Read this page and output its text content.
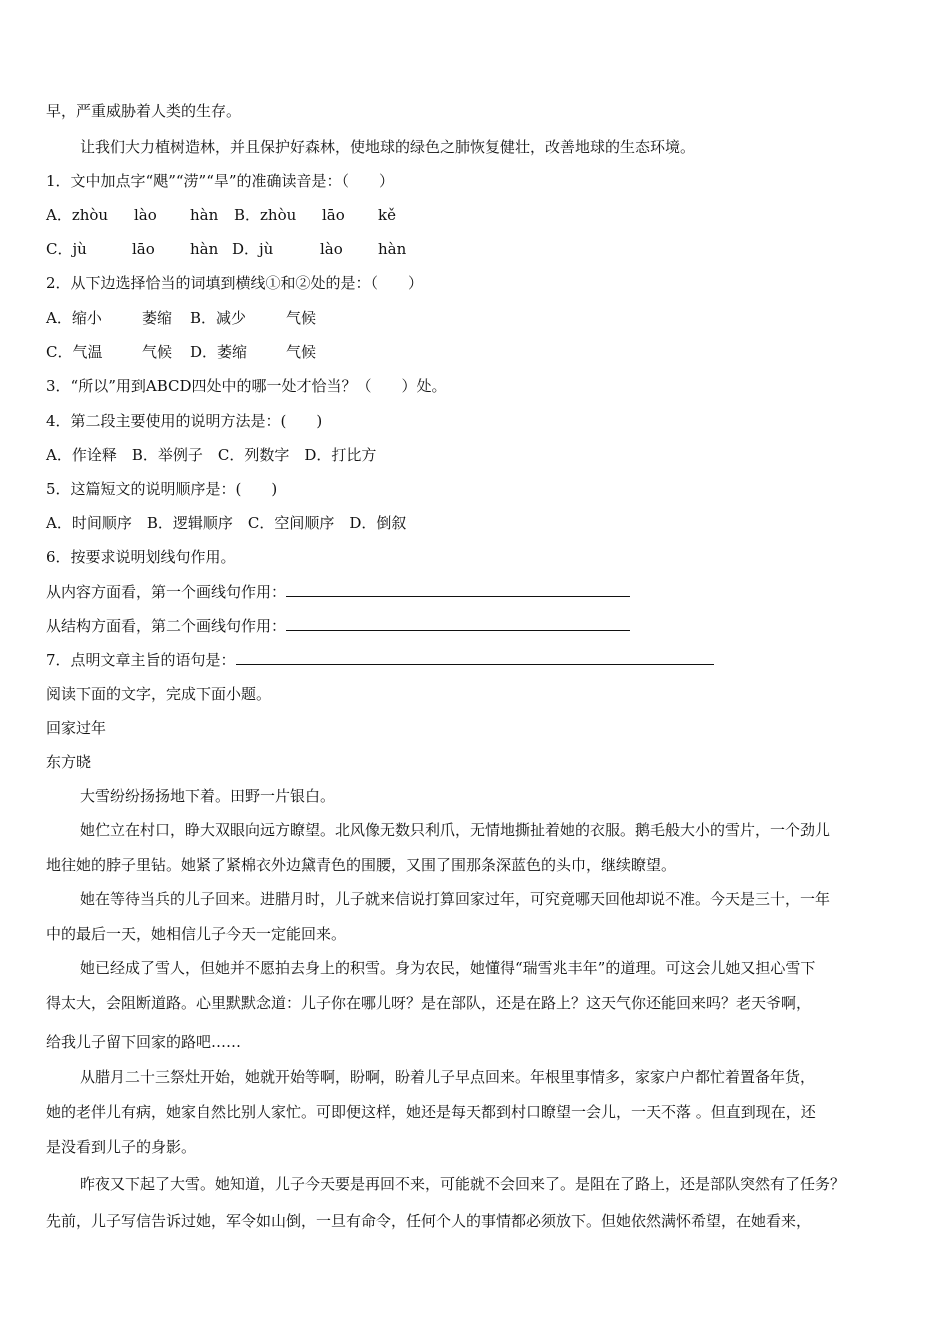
早，严重威胁着人类的生存。
让我们大力植树造林，并且保护好森林，使地球的绿色之肺恢复健壮，改善地球的生态环境。
1．文中加点字“飓”“涝”“旱”的准确读音是：（　　）
A．zhòu lào hàn B．zhòu lāo kě
C．jù	lāo hàn D．jù	lào hàn
2．从下边选择恰当的词填到横线①和②处的是：（　　）
A．缩小	萎缩 B．减少	气候
C．气温	气候 D．萎缩	气候
3．“所以”用到ABCD四处中的哪一处才恰当？（　　）处。
4．第二段主要使用的说明方法是：(　　)
A．作诠释　B．举例子　C．列数字　D．打比方
5．这篇短文的说明顺序是：(　　)
A．时间顺序　B．逻辑顺序　C．空间顺序　D．倒叙
6．按要求说明划线句作用。
从内容方面看，第一个画线句作用：
从结构方面看，第二个画线句作用：
7．点明文章主旨的语句是：
阅读下面的文字，完成下面小题。
回家过年
东方晓
大雪纷纷扬扬地下着。田野一片银白。
她伫立在村口，睁大双眼向远方瞭望。北风像无数只利爪，无情地撕扯着她的衣服。鹅毛般大小的雪片，一个劲儿
地往她的脖子里钻。她紧了紧棉衣外边黛青色的围腰，又围了围那条深蓝色的头巾，继续瞭望。
她在等待当兵的儿子回来。进腊月时，儿子就来信说打算回家过年，可究竟哪天回他却说不准。今天是三十，一年
中的最后一天，她相信儿子今天一定能回来。
她已经成了雪人，但她并不愿拍去身上的积雪。身为农民，她懂得“瑞雪兆丰年”的道理。可这会儿她又担心雪下
得太大，会阻断道路。心里默默念道：儿子你在哪儿呀？是在部队，还是在路上？这天气你还能回来吗？老天爷啊，
给我儿子留下回家的路吧……
从腊月二十三祭灶开始，她就开始等啊，盼啊，盼着儿子早点回来。年根里事情多，家家户户都忙着置备年货，
她的老伴儿有病，她家自然比别人家忙。可即便这样，她还是每天都到村口瞭望一会儿，一天不落 。但直到现在，还
是没看到儿子的身影。
昨夜又下起了大雪。她知道，儿子今天要是再回不来，可能就不会回来了。是阻在了路上，还是部队突然有了任务？
先前，儿子写信告诉过她，军令如山倒，一旦有命令，任何个人的事情都必须放下。但她依然满怀希望，在她看来，
